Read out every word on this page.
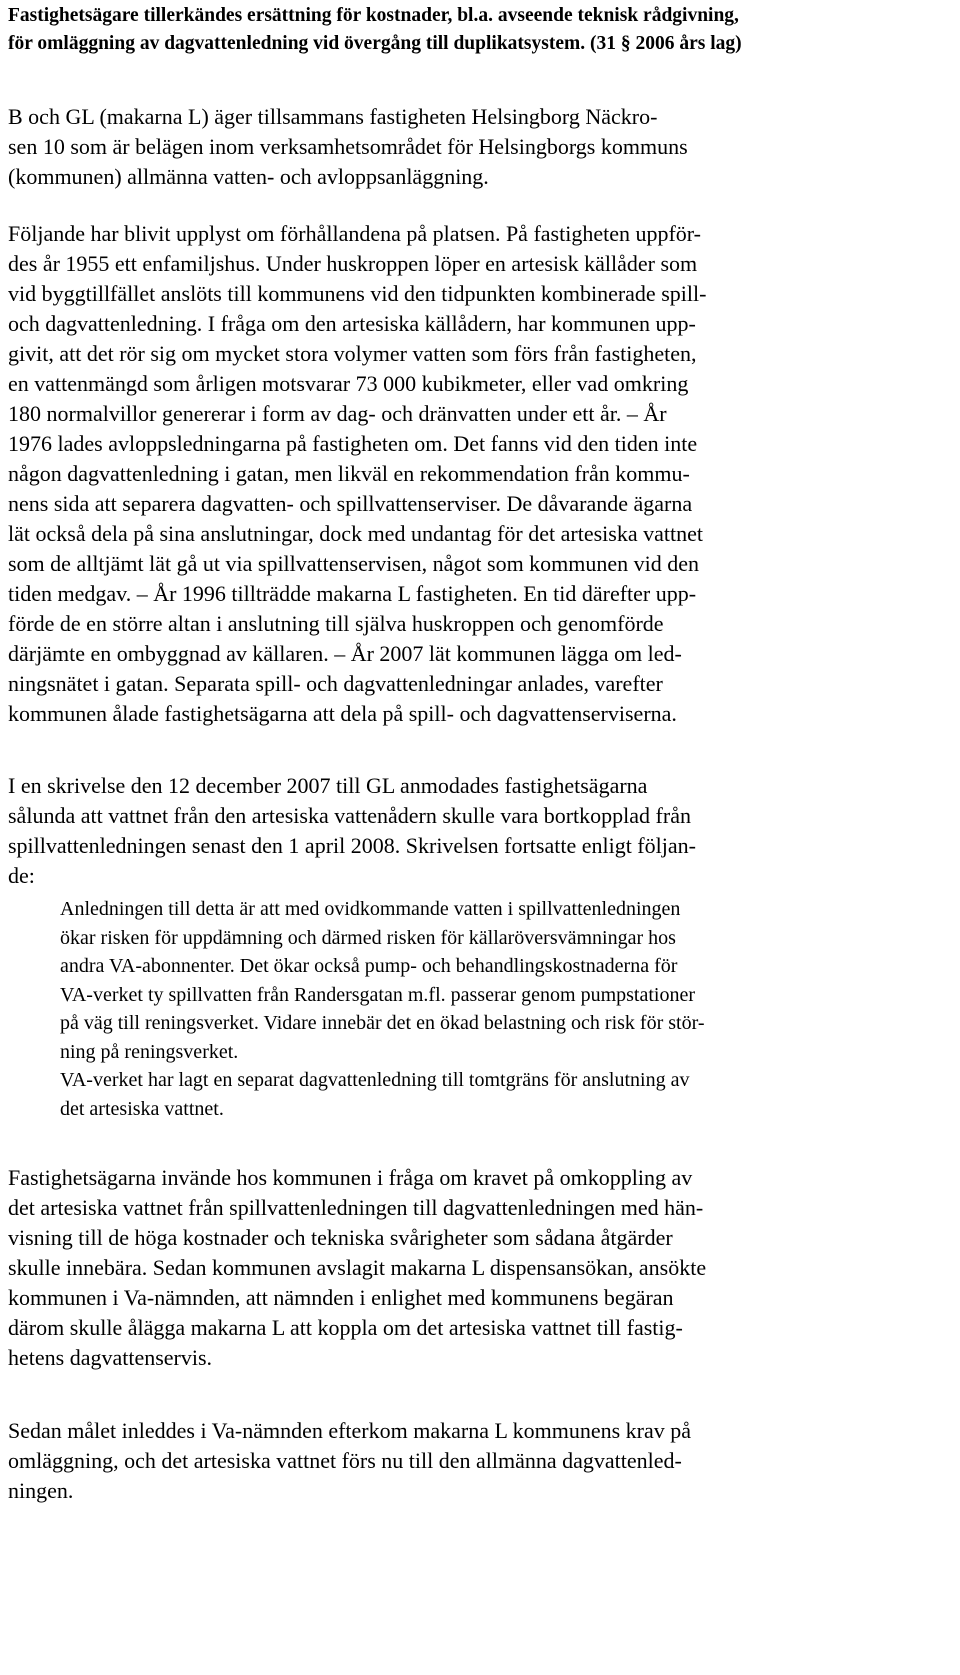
Fastighetsägare tillerkändes ersättning för kostnader, bl.a. avseende teknisk rådgivning,
för omläggning av dagvattenledning vid övergång till duplikatsystem. (31 § 2006 års lag)
B och GL (makarna L) äger tillsammans fastigheten Helsingborg Näckro-
sen 10 som är belägen inom verksamhetsområdet för Helsingborgs kommuns
(kommunen) allmänna vatten- och avloppsanläggning.
Följande har blivit upplyst om förhållandena på platsen. På fastigheten uppför-
des år 1955 ett enfamiljshus. Under huskroppen löper en artesisk källåder som
vid byggtillfället anslöts till kommunens vid den tidpunkten kombinerade spill-
och dagvattenledning. I fråga om den artesiska källådern, har kommunen upp-
givit, att det rör sig om mycket stora volymer vatten som förs från fastigheten,
en vattenmängd som årligen motsvarar 73 000 kubikmeter, eller vad omkring
180 normalvillor genererar i form av dag- och dränvatten under ett år. – År
1976 lades avloppsledningarna på fastigheten om. Det fanns vid den tiden inte
någon dagvattenledning i gatan, men likväl en rekommendation från kommu-
nens sida att separera dagvatten- och spillvattenserviser. De dåvarande ägarna
lät också dela på sina anslutningar, dock med undantag för det artesiska vattnet
som de alltjämt lät gå ut via spillvattenservisen, något som kommunen vid den
tiden medgav. – År 1996 tillträdde makarna L fastigheten. En tid därefter upp-
förde de en större altan i anslutning till själva huskroppen och genomförde
därjämte en ombyggnad av källaren. – År 2007 lät kommunen lägga om led-
ningsnätet i gatan. Separata spill- och dagvattenledningar anlades, varefter
kommunen ålade fastighetsägarna att dela på spill- och dagvattenserviserna.
I en skrivelse den 12 december 2007 till GL anmodades fastighetsägarna
sålunda att vattnet från den artesiska vattenådern skulle vara bortkopplad från
spillvattenledningen senast den 1 april 2008. Skrivelsen fortsatte enligt följan-
de:
Anledningen till detta är att med ovidkommande vatten i spillvattenledningen
ökar risken för uppdämning och därmed risken för källaröversvämningar hos
andra VA-abonnenter. Det ökar också pump- och behandlingskostnaderna för
VA-verket ty spillvatten från Randersgatan m.fl. passerar genom pumpstationer
på väg till reningsverket. Vidare innebär det en ökad belastning och risk för stör-
ning på reningsverket.
VA-verket har lagt en separat dagvattenledning till tomtgräns för anslutning av
det artesiska vattnet.
Fastighetsägarna invände hos kommunen i fråga om kravet på omkoppling av
det artesiska vattnet från spillvattenledningen till dagvattenledningen med hän-
visning till de höga kostnader och tekniska svårigheter som sådana åtgärder
skulle innebära. Sedan kommunen avslagit makarna L dispensansökan, ansökte
kommunen i Va-nämnden, att nämnden i enlighet med kommunens begäran
därom skulle ålägga makarna L att koppla om det artesiska vattnet till fastig-
hetens dagvattenservis.
Sedan målet inleddes i Va-nämnden efterkom makarna L kommunens krav på
omläggning, och det artesiska vattnet förs nu till den allmänna dagvattenled-
ningen.
